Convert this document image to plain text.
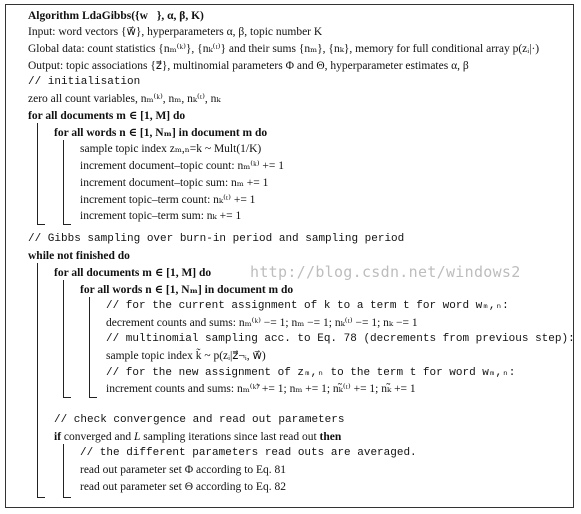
Algorithm LdaGibbs({w⃗}, α, β, K)
Input: word vectors {w⃗}, hyperparameters α, β, topic number K
Global data: count statistics {nₘ⁽ᵏ⁾}, {nₖ⁽ᵗ⁾} and their sums {nₘ}, {nₖ}, memory for full conditional array p(zᵢ|·)
Output: topic associations {z⃗}, multinomial parameters Φ and Θ, hyperparameter estimates α, β
// initialisation
zero all count variables, nₘ⁽ᵏ⁾, nₘ, nₖ⁽ᵗ⁾, nₖ
for all documents m ∈ [1, M] do
for all words n ∈ [1, Nₘ] in document m do
sample topic index zₘ,ₙ=k ~ Mult(1/K)
increment document–topic count: nₘ⁽ᵏ⁾ += 1
increment document–topic sum: nₘ += 1
increment topic–term count: nₖ⁽ᵗ⁾ += 1
increment topic–term sum: nₖ += 1
// Gibbs sampling over burn-in period and sampling period
while not finished do
for all documents m ∈ [1, M] do
for all words n ∈ [1, Nₘ] in document m do
// for the current assignment of k to a term t for word wₘ,ₙ:
decrement counts and sums: nₘ⁽ᵏ⁾ −= 1; nₘ −= 1; nₖ⁽ᵗ⁾ −= 1; nₖ −= 1
// multinomial sampling acc. to Eq. 78 (decrements from previous step):
sample topic index k̃ ~ p(zᵢ|z⃗¬ᵢ, w⃗)
// for the new assignment of zₘ,ₙ to the term t for word wₘ,ₙ:
increment counts and sums: nₘ⁽ᵏ̃⁾ += 1; nₘ += 1; nₖ̃⁽ᵗ⁾ += 1; nₖ̃ += 1
// check convergence and read out parameters
if converged and L sampling iterations since last read out then
// the different parameters read outs are averaged.
read out parameter set Φ according to Eq. 81
read out parameter set Θ according to Eq. 82
http://blog.csdn.net/windows2
